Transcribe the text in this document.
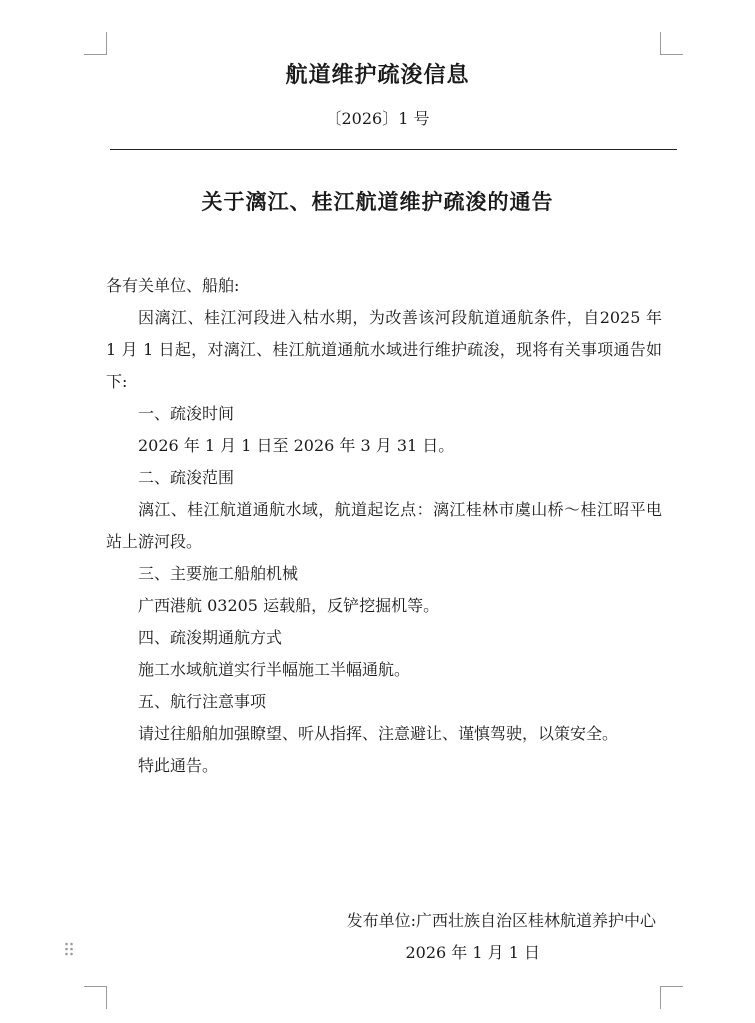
航道维护疏浚信息
〔2026〕1 号
关于漓江、桂江航道维护疏浚的通告

各有关单位、船舶:

因漓江、桂江河段进入枯水期，为改善该河段航道通航条件，自2025 年 1 月 1 日起，对漓江、桂江航道通航水域进行维护疏浚，现将有关事项通告如下:

一、疏浚时间

2026 年 1 月 1 日至 2026 年 3 月 31 日。

二、疏浚范围

漓江、桂江航道通航水域，航道起讫点：漓江桂林市虞山桥～桂江昭平电站上游河段。

三、主要施工船舶机械

广西港航 03205 运载船，反铲挖掘机等。

四、疏浚期通航方式

施工水域航道实行半幅施工半幅通航。

五、航行注意事项

请过往船舶加强瞭望、听从指挥、注意避让、谨慎驾驶，以策安全。

特此通告。

发布单位:广西壮族自治区桂林航道养护中心
2026 年 1 月 1 日
